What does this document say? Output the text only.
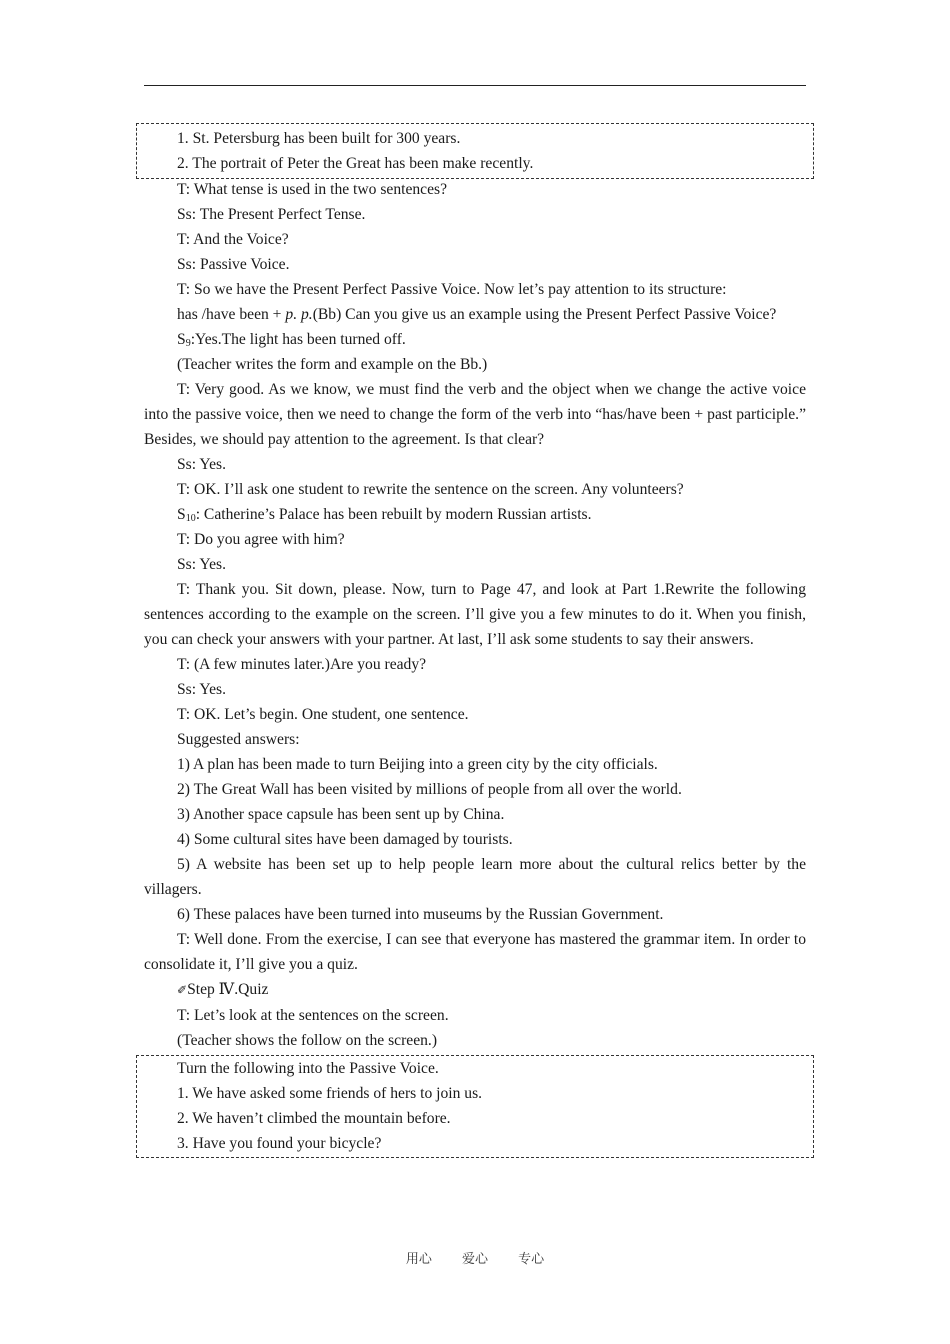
1. St. Petersburg has been built for 300 years.

2. The portrait of Peter the Great has been make recently.

T: What tense is used in the two sentences?

Ss: The Present Perfect Tense.

T: And the Voice?

Ss: Passive Voice.

T: So we have the Present Perfect Passive Voice. Now let’s pay attention to its structure:

has /have been + p. p.(Bb) Can you give us an example using the Present Perfect Passive Voice?

$S_9:Yes.The$ light has been turned off.

(Teacher writes the form and example on the Bb.)

T: Very good. As we know, we must find the verb and the object when we change the active voice into the passive voice, then we need to change the form of the verb into “has/have been + past participle.” Besides, we should pay attention to the agreement. Is that clear?

Ss: Yes.

T: OK. I’ll ask one student to rewrite the sentence on the screen. Any volunteers?

$S_{10}$: Catherine’s Palace has been rebuilt by modern Russian artists.

T: Do you agree with him?

Ss: Yes.

T: Thank you. Sit down, please. Now, turn to Page 47, and look at Part 1.Rewrite the following sentences according to the example on the screen. I’ll give you a few minutes to do it. When you finish, you can check your answers with your partner. At last, I’ll ask some students to say their answers.

T: (A few minutes later.)Are you ready?

Ss: Yes.

T: OK. Let’s begin. One student, one sentence.

Suggested answers:

1) A plan has been made to turn Beijing into a green city by the city officials.

2) The Great Wall has been visited by millions of people from all over the world.

3) Another space capsule has been sent up by China.

4) Some cultural sites have been damaged by tourists.

5) A website has been set up to help people learn more about the cultural relics better by the villagers.

6) These palaces have been turned into museums by the Russian Government.

T: Well done. From the exercise, I can see that everyone has mastered the grammar item. In order to consolidate it, I’ll give you a quiz.

✐Step Ⅳ.Quiz

T: Let’s look at the sentences on the screen.

(Teacher shows the follow on the screen.)

Turn the following into the Passive Voice.

1. We have asked some friends of hers to join us.

2. We haven’t climbed the mountain before.

3. Have you found your bicycle?

用心 爱心 专心
